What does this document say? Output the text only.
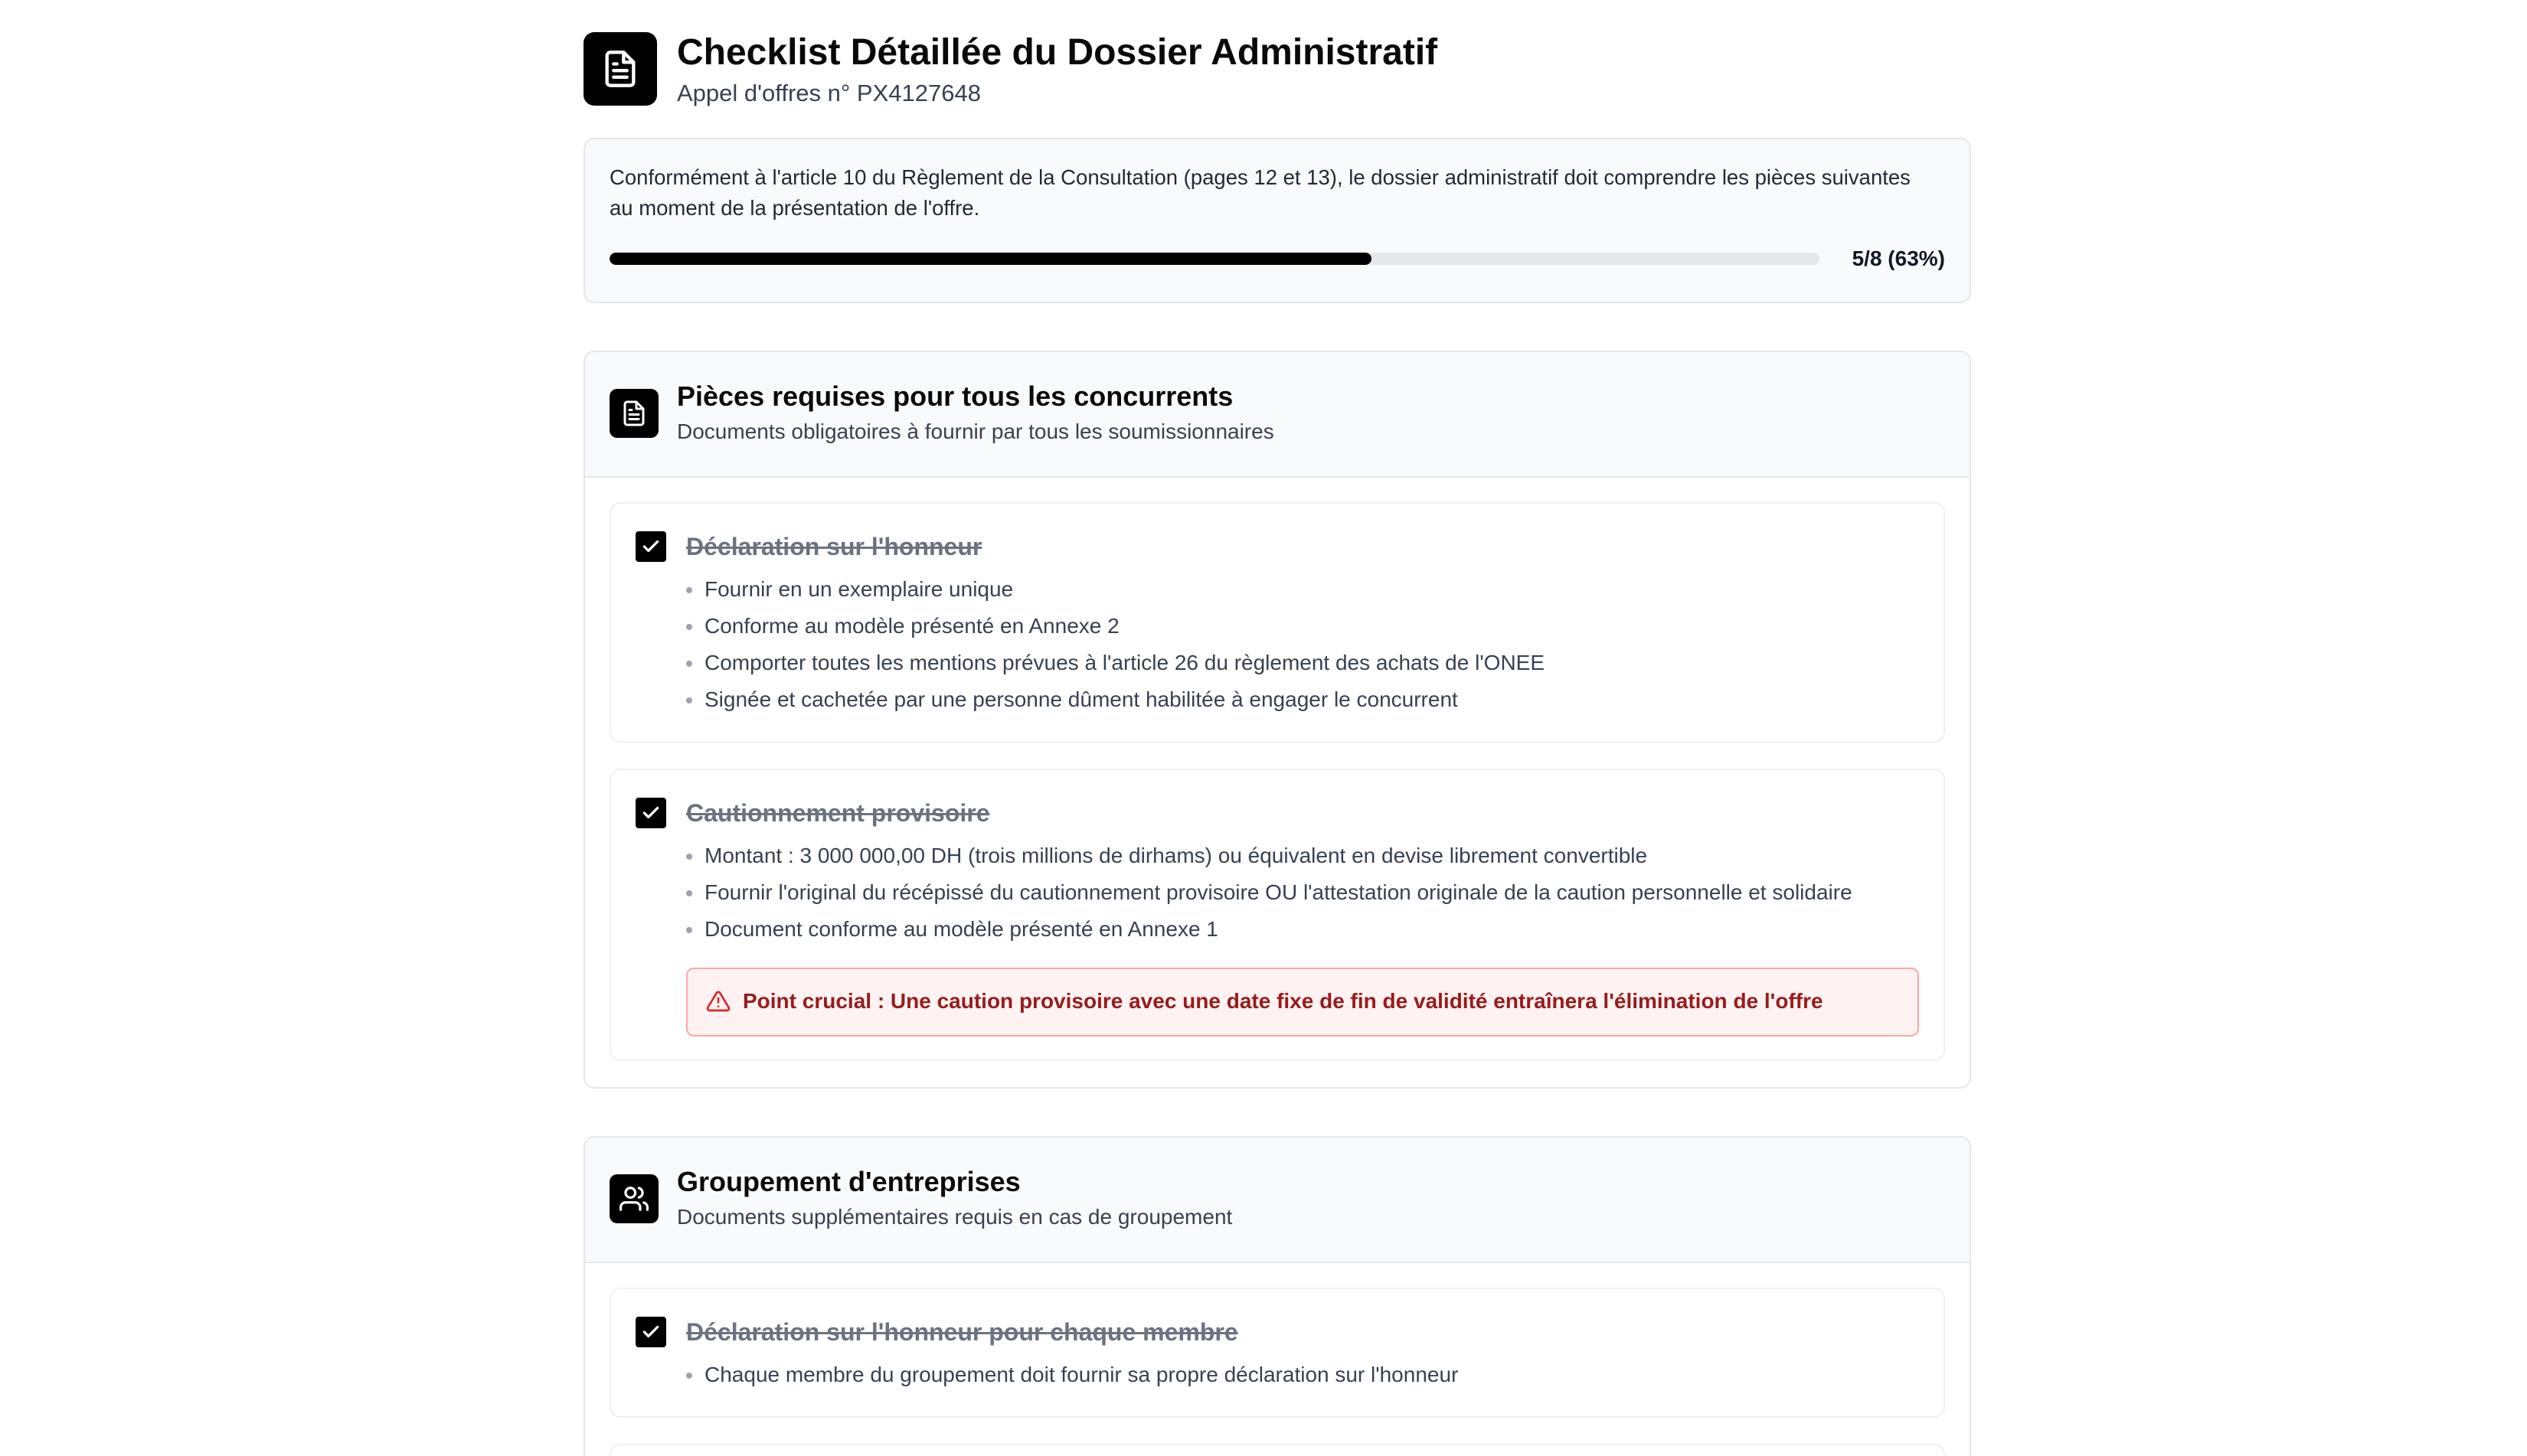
Checklist Détaillée du Dossier Administratif
Appel d'offres n° PX4127648
Conformément à l'article 10 du Règlement de la Consultation (pages 12 et 13), le dossier administratif doit comprendre les pièces suivantes au moment de la présentation de l'offre.
5/8 (63%)
Pièces requises pour tous les concurrents
Documents obligatoires à fournir par tous les soumissionnaires
Déclaration sur l'honneur
Fournir en un exemplaire unique
Conforme au modèle présenté en Annexe 2
Comporter toutes les mentions prévues à l'article 26 du règlement des achats de l'ONEE
Signée et cachetée par une personne dûment habilitée à engager le concurrent
Cautionnement provisoire
Montant : 3 000 000,00 DH (trois millions de dirhams) ou équivalent en devise librement convertible
Fournir l'original du récépissé du cautionnement provisoire OU l'attestation originale de la caution personnelle et solidaire
Document conforme au modèle présenté en Annexe 1
Point crucial : Une caution provisoire avec une date fixe de fin de validité entraînera l'élimination de l'offre
Groupement d'entreprises
Documents supplémentaires requis en cas de groupement
Déclaration sur l'honneur pour chaque membre
Chaque membre du groupement doit fournir sa propre déclaration sur l'honneur
